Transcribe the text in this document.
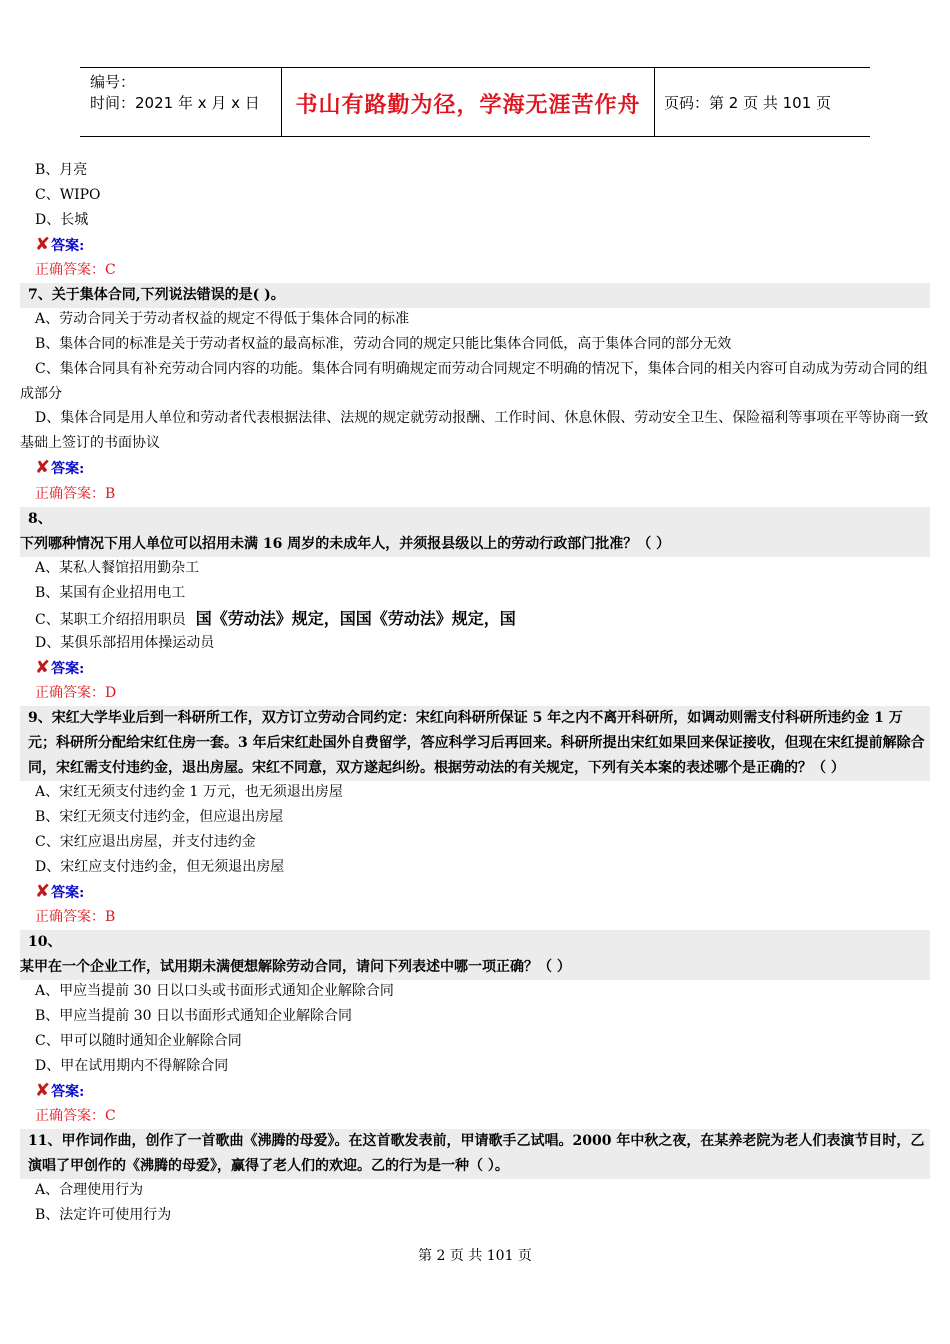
编号：
时间：2021 年 x 月 x 日	书山有路勤为径，学海无涯苦作舟	页码：第 2 页 共 101 页
B、月亮
C、WIPO
D、长城
✘答案:
正确答案：C
7、关于集体合同,下列说法错误的是( )。
A、劳动合同关于劳动者权益的规定不得低于集体合同的标准
B、集体合同的标准是关于劳动者权益的最高标准，劳动合同的规定只能比集体合同低，高于集体合同的部分无效
C、集体合同具有补充劳动合同内容的功能。集体合同有明确规定而劳动合同规定不明确的情况下，集体合同的相关内容可自动成为劳动合同的组成部分
D、集体合同是用人单位和劳动者代表根据法律、法规的规定就劳动报酬、工作时间、休息休假、劳动安全卫生、保险福利等事项在平等协商一致基础上签订的书面协议
✘答案:
正确答案：B
8、
下列哪种情况下用人单位可以招用未满 16 周岁的未成年人，并须报县级以上的劳动行政部门批准？（ ）
A、某私人餐馆招用勤杂工
B、某国有企业招用电工
C、某职工介绍招用职员 国《劳动法》规定，国国《劳动法》规定，国
D、某俱乐部招用体操运动员
✘答案:
正确答案：D
9、宋红大学毕业后到一科研所工作，双方订立劳动合同约定：宋红向科研所保证 5 年之内不离开科研所，如调动则需支付科研所违约金 1 万元；科研所分配给宋红住房一套。3 年后宋红赴国外自费留学，答应科学习后再回来。科研所提出宋红如果回来保证接收，但现在宋红提前解除合同，宋红需支付违约金，退出房屋。宋红不同意，双方遂起纠纷。根据劳动法的有关规定，下列有关本案的表述哪个是正确的？（ ）
A、宋红无须支付违约金 1 万元，也无须退出房屋
B、宋红无须支付违约金，但应退出房屋
C、宋红应退出房屋，并支付违约金
D、宋红应支付违约金，但无须退出房屋
✘答案:
正确答案：B
10、
某甲在一个企业工作，试用期未满便想解除劳动合同，请问下列表述中哪一项正确？（ ）
A、甲应当提前 30 日以口头或书面形式通知企业解除合同
B、甲应当提前 30 日以书面形式通知企业解除合同
C、甲可以随时通知企业解除合同
D、甲在试用期内不得解除合同
✘答案:
正确答案：C
11、甲作词作曲，创作了一首歌曲《沸腾的母爱》。在这首歌发表前，甲请歌手乙试唱。2000 年中秋之夜，在某养老院为老人们表演节目时，乙演唱了甲创作的《沸腾的母爱》，赢得了老人们的欢迎。乙的行为是一种（ ）。
A、合理使用行为
B、法定许可使用行为
第 2 页 共 101 页
